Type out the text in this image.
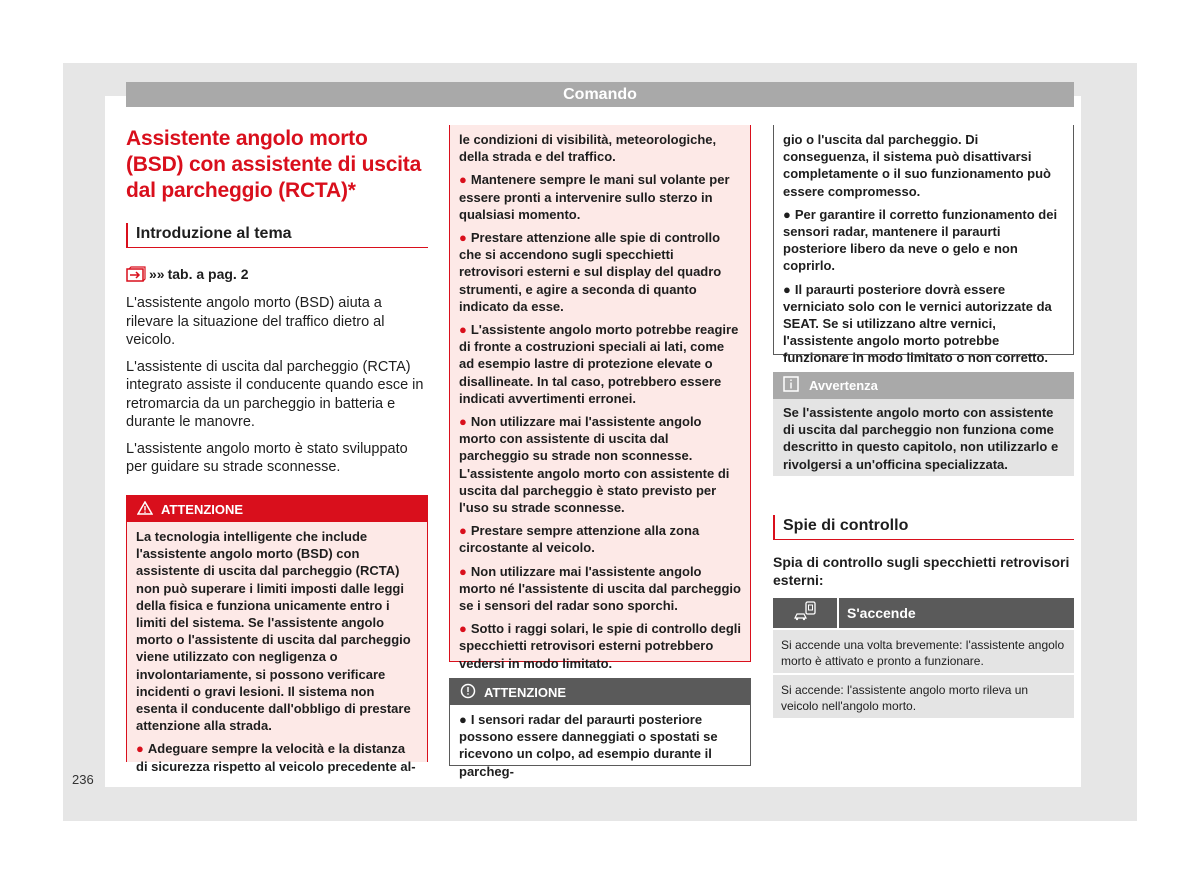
Comando
Assistente angolo morto (BSD) con assistente di uscita dal parcheggio (RCTA)*
Introduzione al tema
»» tab. a pag. 2

L'assistente angolo morto (BSD) aiuta a rilevare la situazione del traffico dietro al veicolo.

L'assistente di uscita dal parcheggio (RCTA) integrato assiste il conducente quando esce in retromarcia da un parcheggio in batteria e durante le manovre.

L'assistente angolo morto è stato sviluppato per guidare su strade sconnesse.

ATTENZIONE

La tecnologia intelligente che include l'assistente angolo morto (BSD) con assistente di uscita dal parcheggio (RCTA) non può superare i limiti imposti dalle leggi della fisica e funziona unicamente entro i limiti del sistema. Se l'assistente angolo morto o l'assistente di uscita dal parcheggio viene utilizzato con negligenza o involontariamente, si possono verificare incidenti o gravi lesioni. Il sistema non esenta il conducente dall'obbligo di prestare attenzione alla strada.

● Adeguare sempre la velocità e la distanza di sicurezza rispetto al veicolo precedente al-

le condizioni di visibilità, meteorologiche, della strada e del traffico.

● Mantenere sempre le mani sul volante per essere pronti a intervenire sullo sterzo in qualsiasi momento.

● Prestare attenzione alle spie di controllo che si accendono sugli specchietti retrovisori esterni e sul display del quadro strumenti, e agire a seconda di quanto indicato da esse.

● L'assistente angolo morto potrebbe reagire di fronte a costruzioni speciali ai lati, come ad esempio lastre di protezione elevate o disallineate. In tal caso, potrebbero essere indicati avvertimenti erronei.

● Non utilizzare mai l'assistente angolo morto con assistente di uscita dal parcheggio su strade non sconnesse. L'assistente angolo morto con assistente di uscita dal parcheggio è stato previsto per l'uso su strade sconnesse.

● Prestare sempre attenzione alla zona circostante al veicolo.

● Non utilizzare mai l'assistente angolo morto né l'assistente di uscita dal parcheggio se i sensori del radar sono sporchi.

● Sotto i raggi solari, le spie di controllo degli specchietti retrovisori esterni potrebbero vedersi in modo limitato.

ATTENZIONE

● I sensori radar del paraurti posteriore possono essere danneggiati o spostati se ricevono un colpo, ad esempio durante il parcheg-

gio o l'uscita dal parcheggio. Di conseguenza, il sistema può disattivarsi completamente o il suo funzionamento può essere compromesso.

● Per garantire il corretto funzionamento dei sensori radar, mantenere il paraurti posteriore libero da neve o gelo e non coprirlo.

● Il paraurti posteriore dovrà essere verniciato solo con le vernici autorizzate da SEAT. Se si utilizzano altre vernici, l'assistente angolo morto potrebbe funzionare in modo limitato o non corretto.

Avvertenza
Se l'assistente angolo morto con assistente di uscita dal parcheggio non funziona come descritto in questo capitolo, non utilizzarlo e rivolgersi a un'officina specializzata.
Spie di controllo
Spia di controllo sugli specchietti retrovisori esterni:
S'accende
Si accende una volta brevemente: l'assistente angolo morto è attivato e pronto a funzionare.
Si accende: l'assistente angolo morto rileva un veicolo nell'angolo morto.
236
